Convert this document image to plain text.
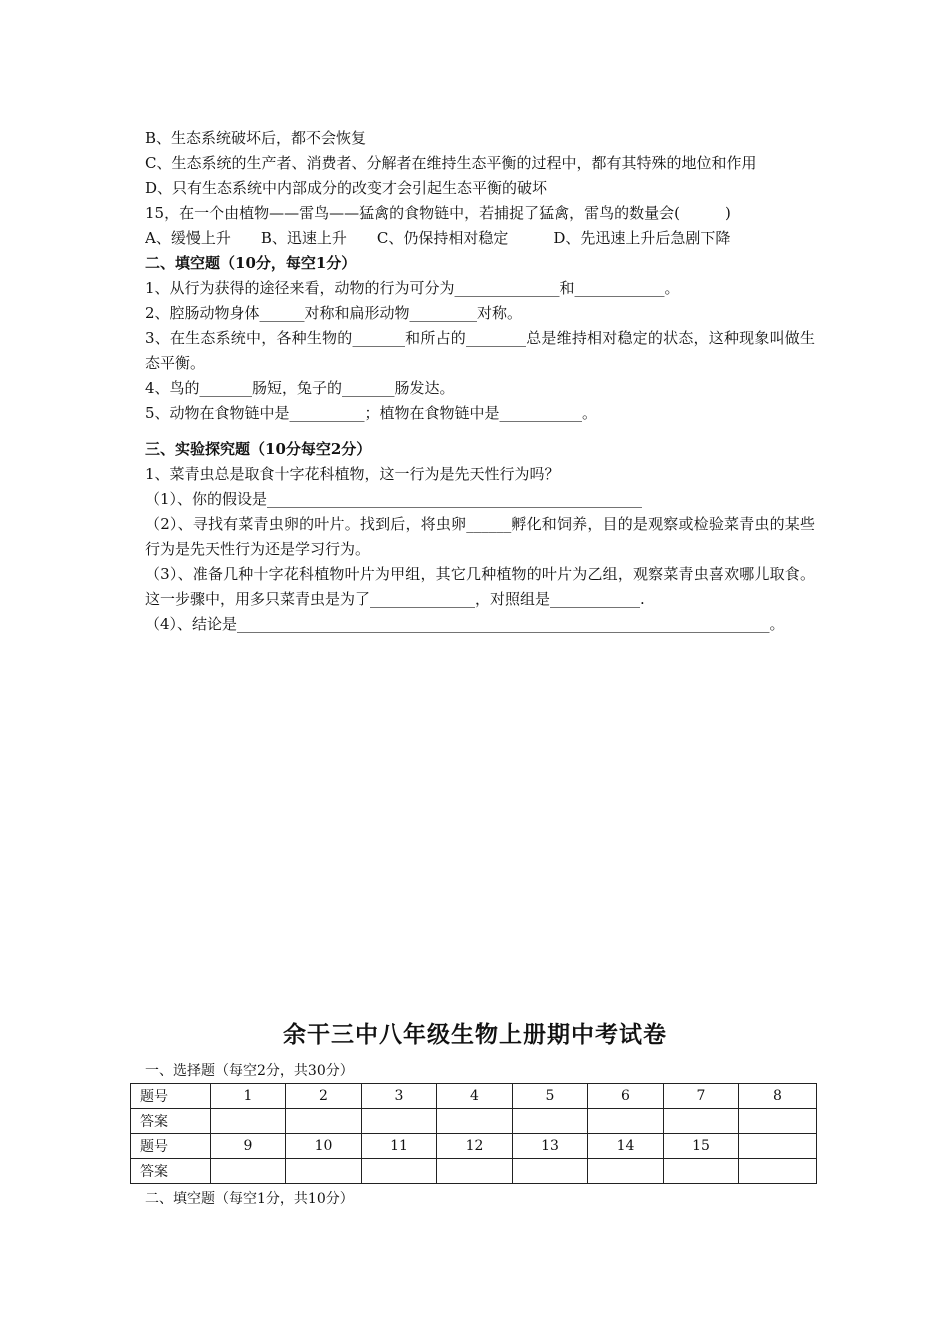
B、生态系统破坏后，都不会恢复
C、生态系统的生产者、消费者、分解者在维持生态平衡的过程中，都有其特殊的地位和作用
D、只有生态系统中内部成分的改变才会引起生态平衡的破坏
15，在一个由植物——雷鸟——猛禽的食物链中，若捕捉了猛禽，雷鸟的数量会(　　　)
A、缓慢上升　　B、迅速上升　　C、仍保持相对稳定　　　D、先迅速上升后急剧下降
二、填空题（10分，每空1分）
1、从行为获得的途径来看，动物的行为可分为______________和____________。
2、腔肠动物身体______对称和扁形动物_________对称。
3、在生态系统中，各种生物的_______和所占的________总是维持相对稳定的状态，这种现象叫做生态平衡。
4、鸟的_______肠短，兔子的_______肠发达。
5、动物在食物链中是__________；植物在食物链中是___________。
三、实验探究题（10分每空2分）
1、菜青虫总是取食十字花科植物，这一行为是先天性行为吗？
（1）、你的假设是__________________________________________________
（2）、寻找有菜青虫卵的叶片。找到后，将虫卵______孵化和饲养，目的是观察或检验菜青虫的某些行为是先天性行为还是学习行为。
（3）、准备几种十字花科植物叶片为甲组，其它几种植物的叶片为乙组，观察菜青虫喜欢哪儿取食。这一步骤中，用多只菜青虫是为了______________，对照组是____________.
（4）、结论是_______________________________________________________________________。
余干三中八年级生物上册期中考试卷
一、选择题（每空2分，共30分）
题号	1	2	3	4	5	6	7	8
答案								
题号	9	10	11	12	13	14	15	
答案								
二、填空题（每空1分，共10分）
